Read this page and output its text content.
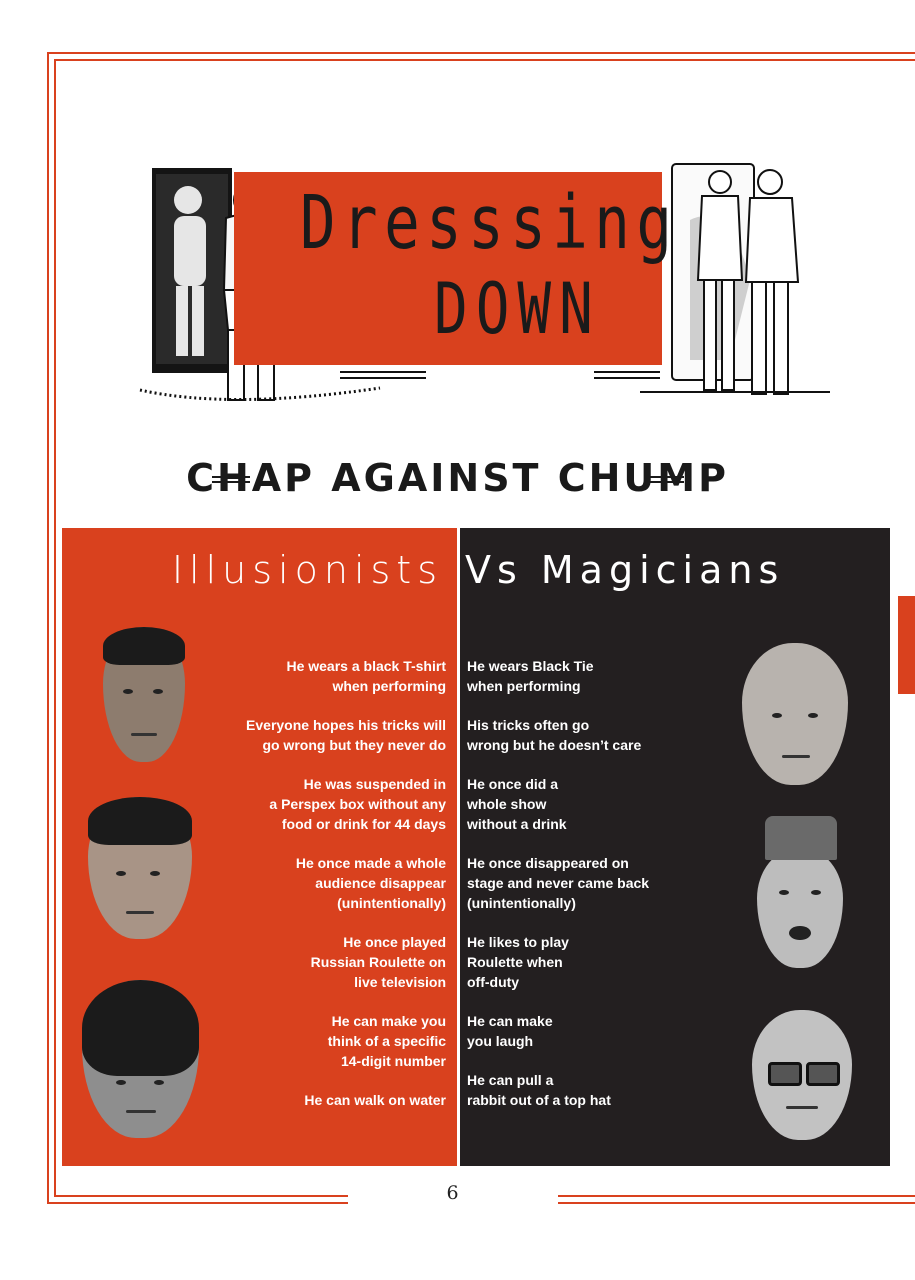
Dresssing
DOWN
CHAP AGAINST CHUMP
Illusionists Vs Magicians
He wears a black T-shirt
when performing
Everyone hopes his tricks will
go wrong but they never do
He was suspended in
a Perspex box without any
food or drink for 44 days
He once made a whole
audience disappear
(unintentionally)
He once played
Russian Roulette on
live television
He can make you
think of a specific
14-digit number
He can walk on water
He wears Black Tie
when performing
His tricks often go
wrong but he doesn’t care
He once did a
whole show
without a drink
He once disappeared on
stage and never came back
(unintentionally)
He likes to play
Roulette when
off-duty
He can make
you laugh
He can pull a
rabbit out of a top hat
6
